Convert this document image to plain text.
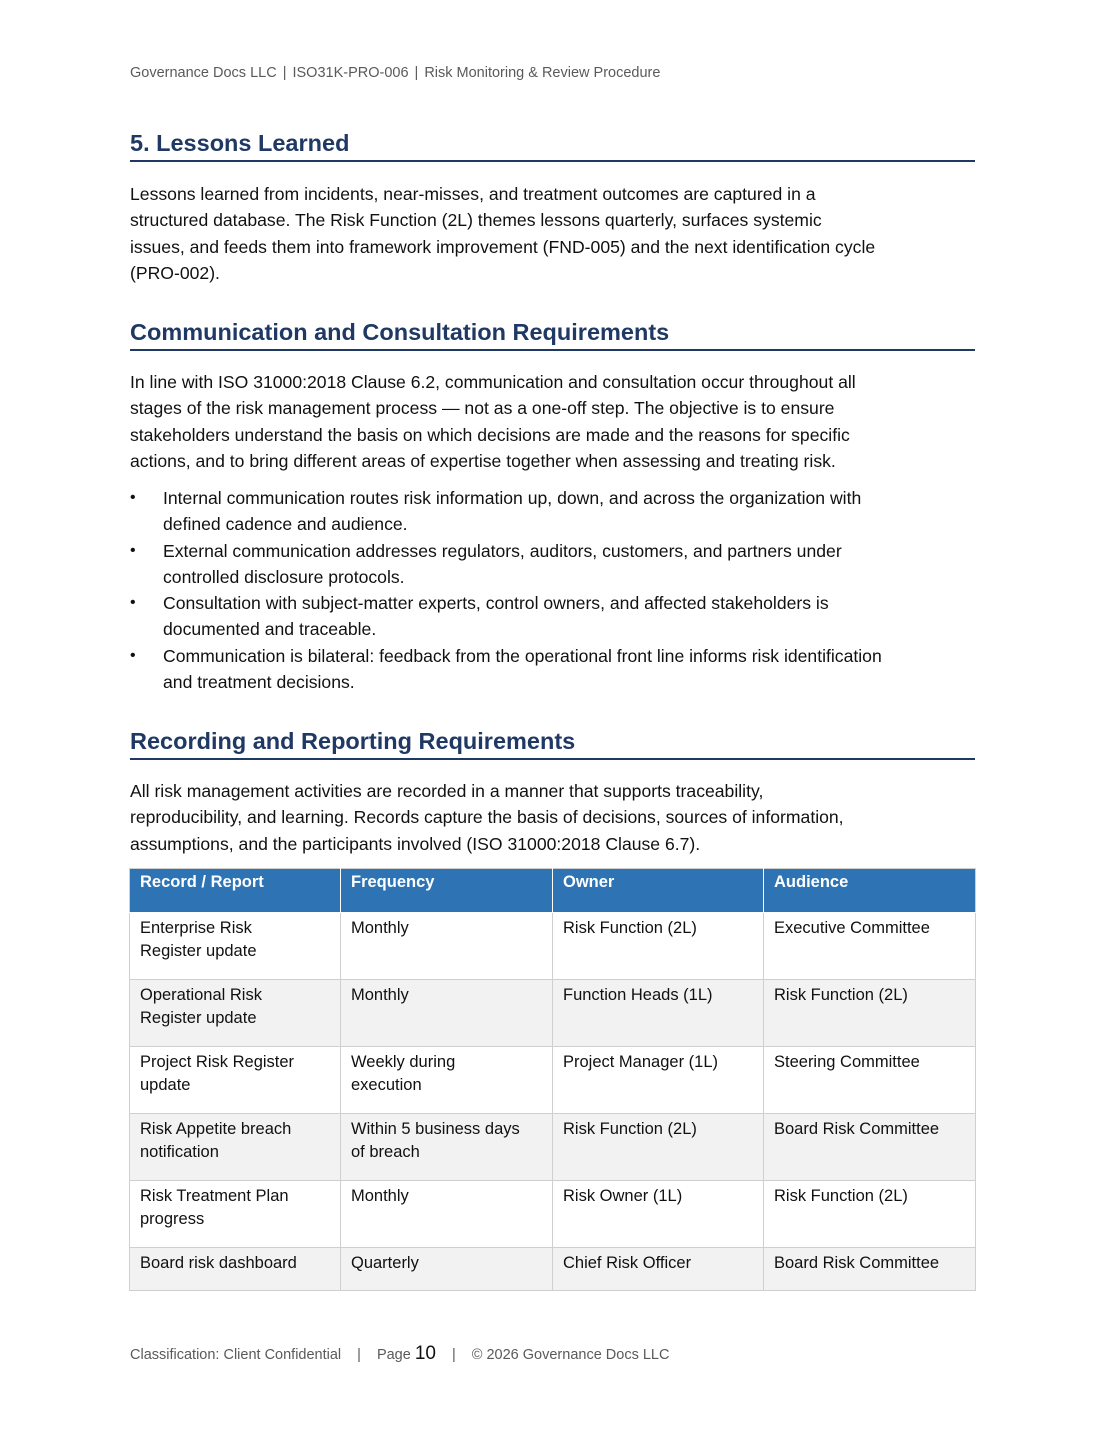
Governance Docs LLC | ISO31K-PRO-006 | Risk Monitoring & Review Procedure
5. Lessons Learned

Lessons learned from incidents, near-misses, and treatment outcomes are captured in a
structured database. The Risk Function (2L) themes lessons quarterly, surfaces systemic
issues, and feeds them into framework improvement (FND-005) and the next identification cycle
(PRO-002).

Communication and Consultation Requirements

In line with ISO 31000:2018 Clause 6.2, communication and consultation occur throughout all
stages of the risk management process — not as a one-off step. The objective is to ensure
stakeholders understand the basis on which decisions are made and the reasons for specific
actions, and to bring different areas of expertise together when assessing and treating risk.

• Internal communication routes risk information up, down, and across the organization with
defined cadence and audience.
• External communication addresses regulators, auditors, customers, and partners under
controlled disclosure protocols.
• Consultation with subject-matter experts, control owners, and affected stakeholders is
documented and traceable.
• Communication is bilateral: feedback from the operational front line informs risk identification
and treatment decisions.
Recording and Reporting Requirements

All risk management activities are recorded in a manner that supports traceability,
reproducibility, and learning. Records capture the basis of decisions, sources of information,
assumptions, and the participants involved (ISO 31000:2018 Clause 6.7).

Record / Report	Frequency	Owner	Audience
Enterprise Risk
Register update	Monthly	Risk Function (2L)	Executive Committee
Operational Risk
Register update	Monthly	Function Heads (1L)	Risk Function (2L)
Project Risk Register
update	Weekly during
execution	Project Manager (1L)	Steering Committee
Risk Appetite breach
notification	Within 5 business days
of breach	Risk Function (2L)	Board Risk Committee
Risk Treatment Plan
progress	Monthly	Risk Owner (1L)	Risk Function (2L)
Board risk dashboard	Quarterly	Chief Risk Officer	Board Risk Committee
Classification: Client Confidential | Page 10 | © 2026 Governance Docs LLC
